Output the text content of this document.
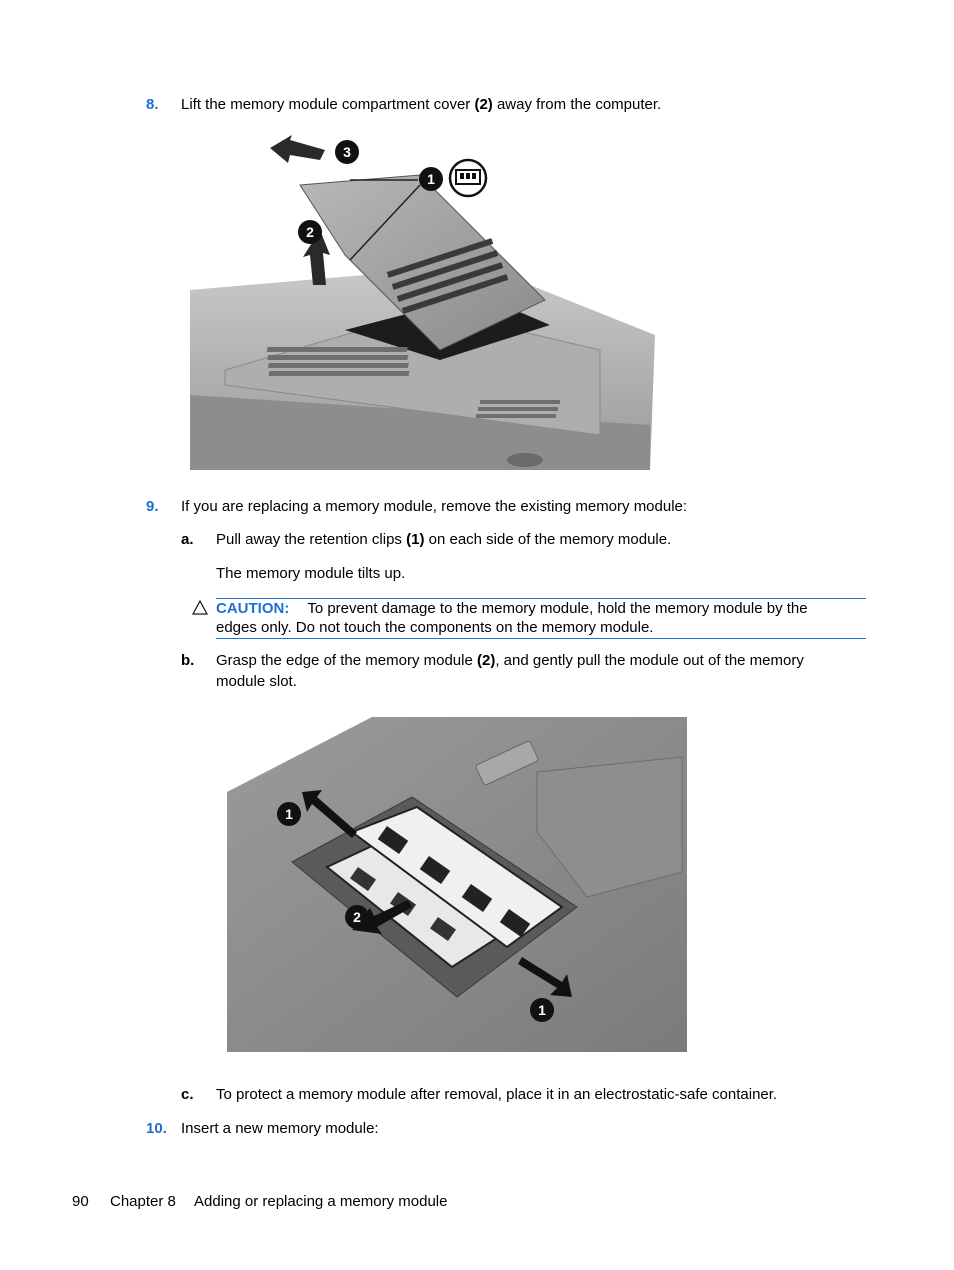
8. Lift the memory module compartment cover (2) away from the computer.
3
2
1
9. If you are replacing a memory module, remove the existing memory module:
a. Pull away the retention clips (1) on each side of the memory module.
The memory module tilts up.
CAUTION: To prevent damage to the memory module, hold the memory module by the
edges only. Do not touch the components on the memory module.
b. Grasp the edge of the memory module (2), and gently pull the module out of the memory
module slot.
1
2
1
c. To protect a memory module after removal, place it in an electrostatic-safe container.
10. Insert a new memory module:
90 Chapter 8 Adding or replacing a memory module
